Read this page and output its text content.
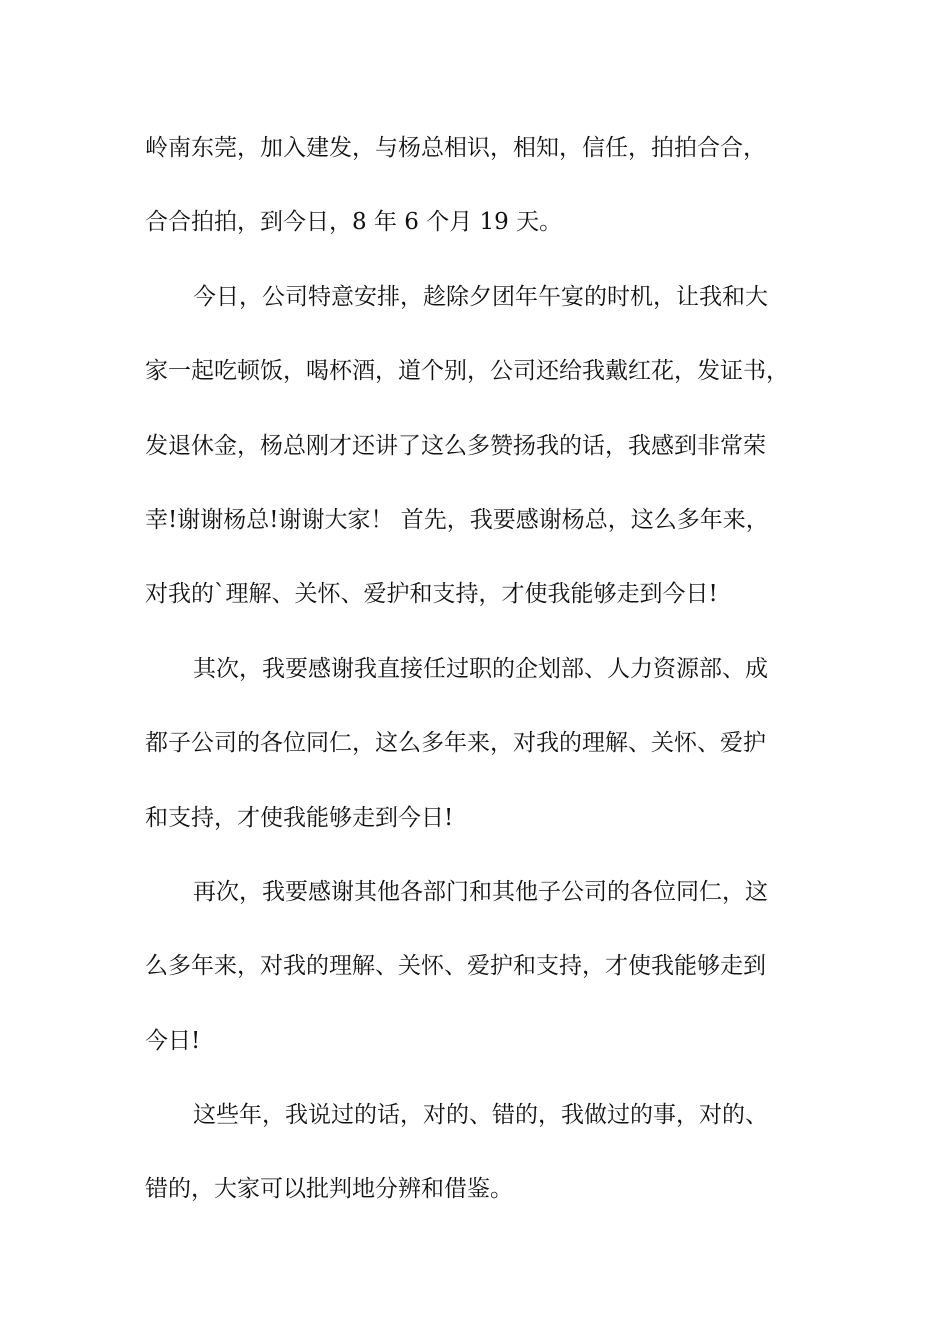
岭南东莞，加入建发，与杨总相识，相知，信任，拍拍合合，
合合拍拍，到今日，8 年 6 个月 19 天。
今日，公司特意安排，趁除夕团年午宴的时机，让我和大
家一起吃顿饭，喝杯酒，道个别，公司还给我戴红花，发证书，
发退休金，杨总刚才还讲了这么多赞扬我的话，我感到非常荣
幸!谢谢杨总!谢谢大家！ 首先，我要感谢杨总，这么多年来，
对我的`理解、关怀、爱护和支持，才使我能够走到今日!
其次，我要感谢我直接任过职的企划部、人力资源部、成
都子公司的各位同仁，这么多年来，对我的理解、关怀、爱护
和支持，才使我能够走到今日!
再次，我要感谢其他各部门和其他子公司的各位同仁，这
么多年来，对我的理解、关怀、爱护和支持，才使我能够走到
今日!
这些年，我说过的话，对的、错的，我做过的事，对的、
错的，大家可以批判地分辨和借鉴。
